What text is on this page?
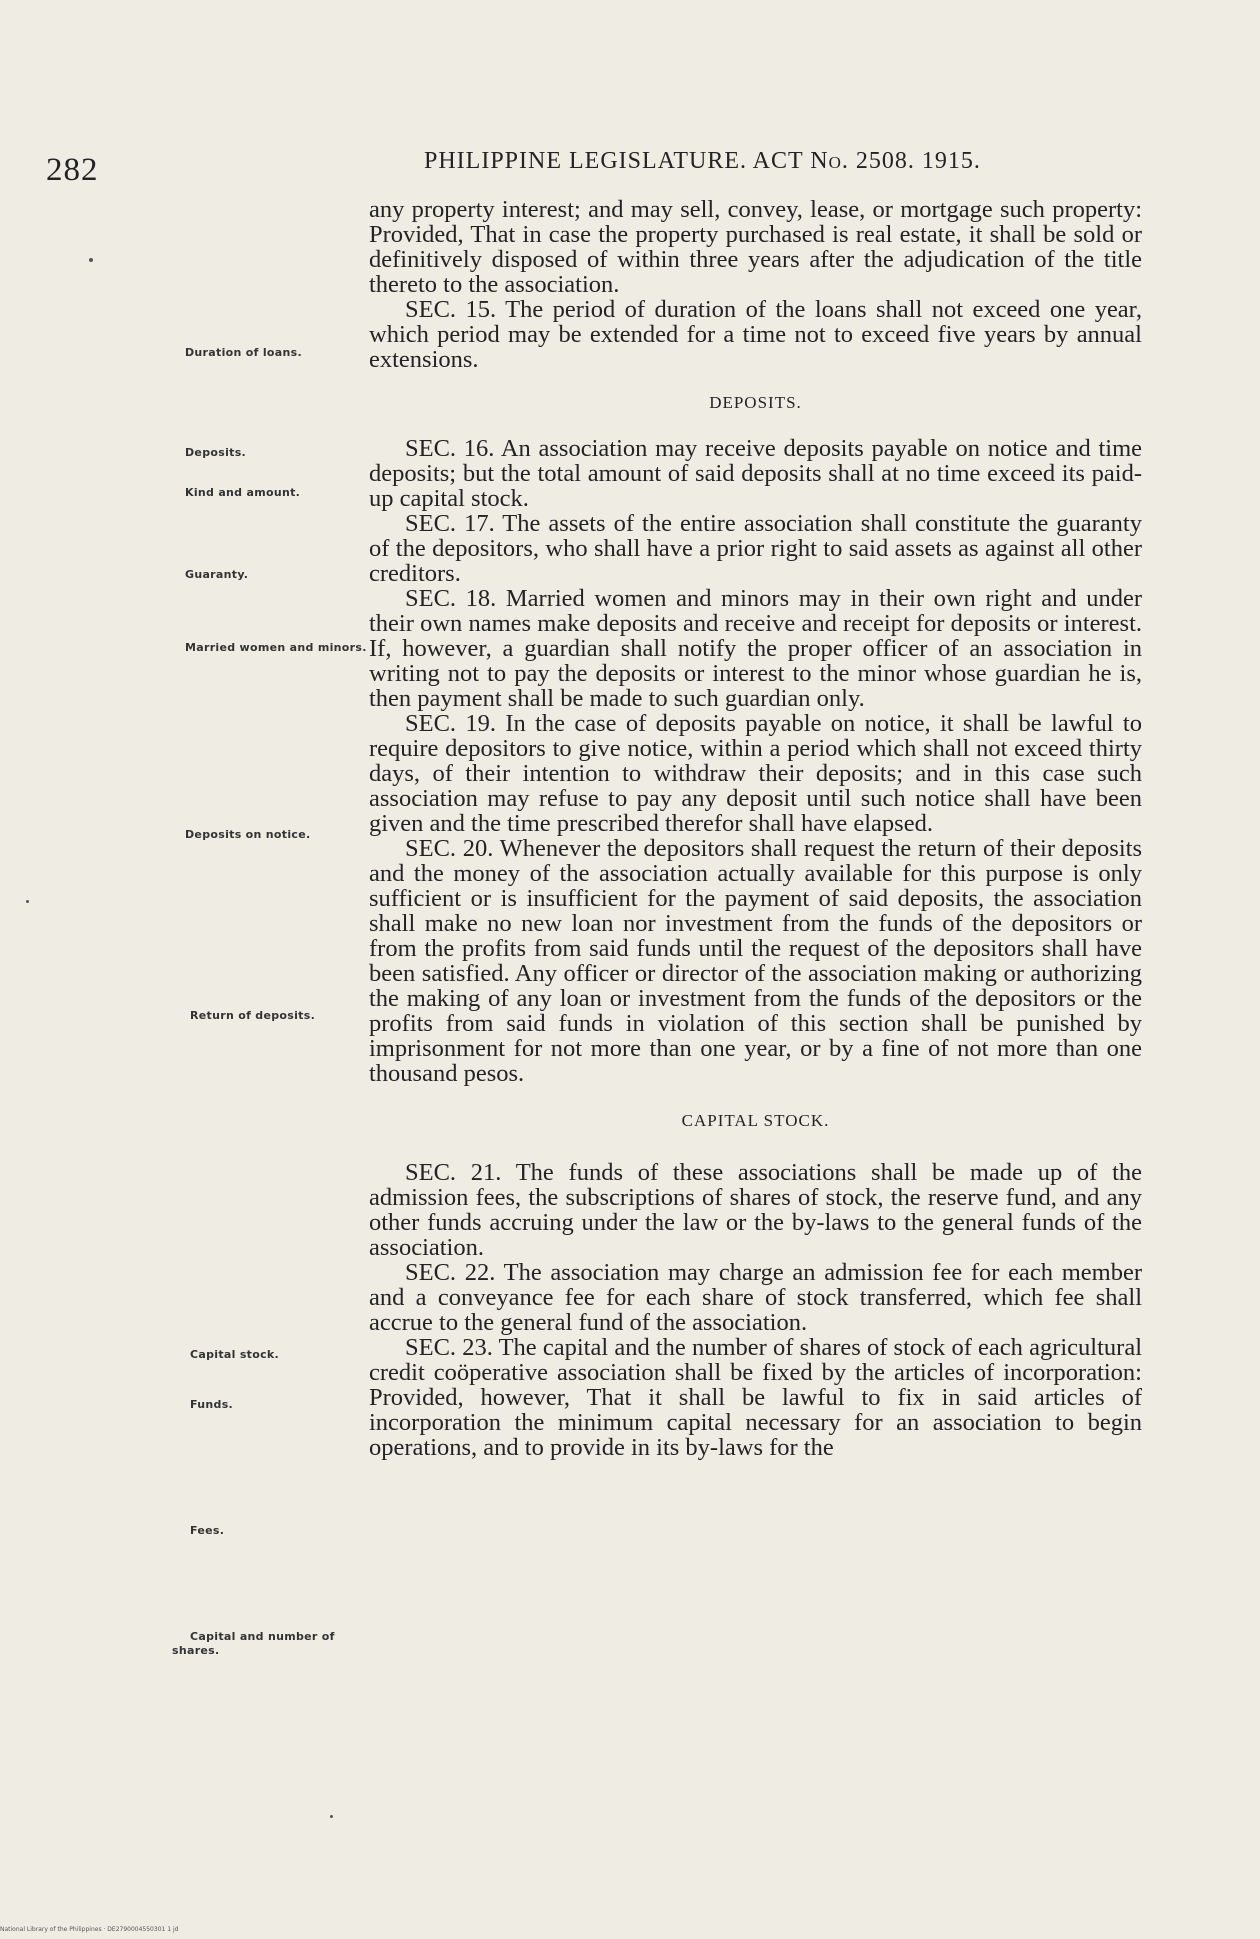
282	PHILIPPINE LEGISLATURE. ACT No. 2508. 1915.

any property interest; and may sell, convey, lease, or mortgage such property: Provided, That in case the property purchased is real estate, it shall be sold or definitively disposed of within three years after the adjudication of the title thereto to the association.

SEC. 15. The period of duration of the loans shall not exceed one year, which period may be extended for a time not to exceed five years by annual extensions.

DEPOSITS.

SEC. 16. An association may receive deposits payable on notice and time deposits; but the total amount of said deposits shall at no time exceed its paid-up capital stock.

SEC. 17. The assets of the entire association shall constitute the guaranty of the depositors, who shall have a prior right to said assets as against all other creditors.

SEC. 18. Married women and minors may in their own right and under their own names make deposits and receive and receipt for deposits or interest. If, however, a guardian shall notify the proper officer of an association in writing not to pay the deposits or interest to the minor whose guardian he is, then payment shall be made to such guardian only.

SEC. 19. In the case of deposits payable on notice, it shall be lawful to require depositors to give notice, within a period which shall not exceed thirty days, of their intention to withdraw their deposits; and in this case such association may refuse to pay any deposit until such notice shall have been given and the time prescribed therefor shall have elapsed.

SEC. 20. Whenever the depositors shall request the return of their deposits and the money of the association actually available for this purpose is only sufficient or is insufficient for the payment of said deposits, the association shall make no new loan nor investment from the funds of the depositors or from the profits from said funds until the request of the depositors shall have been satisfied. Any officer or director of the association making or authorizing the making of any loan or investment from the funds of the depositors or the profits from said funds in violation of this section shall be punished by imprisonment for not more than one year, or by a fine of not more than one thousand pesos.

CAPITAL STOCK.

SEC. 21. The funds of these associations shall be made up of the admission fees, the subscriptions of shares of stock, the reserve fund, and any other funds accruing under the law or the by-laws to the general funds of the association.

SEC. 22. The association may charge an admission fee for each member and a conveyance fee for each share of stock transferred, which fee shall accrue to the general fund of the association.

SEC. 23. The capital and the number of shares of stock of each agricultural credit coöperative association shall be fixed by the articles of incorporation: Provided, however, That it shall be lawful to fix in said articles of incorporation the minimum capital necessary for an association to begin operations, and to provide in its by-laws for the

Duration of loans.
Deposits.
Kind and amount.
Guaranty.
Married women and minors.
Deposits on notice.
Return of deposits.
Capital stock.
Funds.
Fees.
Capital and number of shares.
National Library of the Philippines · DE2790004550301 1 jd
